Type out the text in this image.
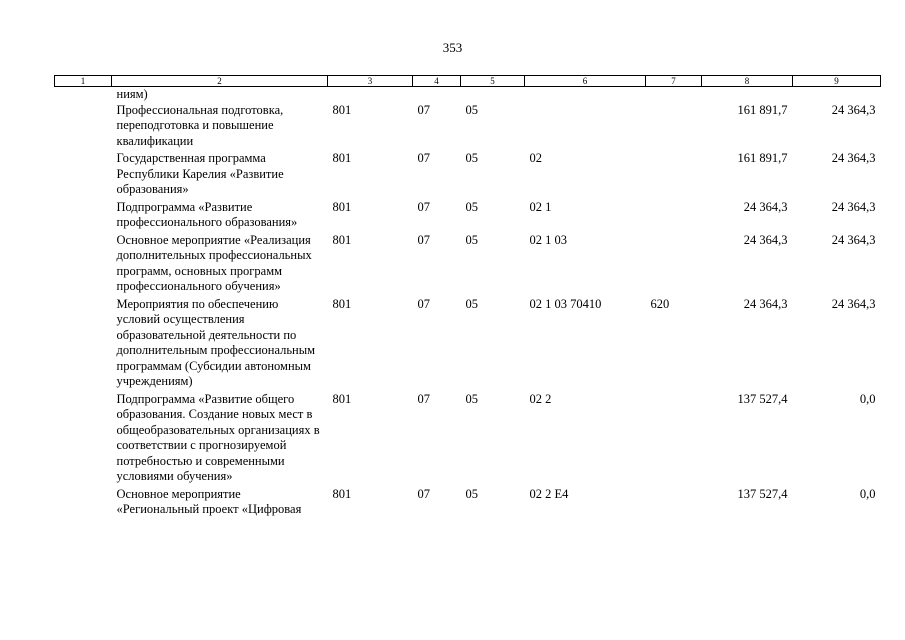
353
1	2	3	4	5	6	7	8	9
	ниям)							
	Профессиональная подготовка, переподготовка и повышение квалификации	801	07	05			161 891,7	24 364,3
	Государственная программа Республики Карелия «Развитие образования»	801	07	05	02		161 891,7	24 364,3
	Подпрограмма «Развитие профессионального образования»	801	07	05	02 1		24 364,3	24 364,3
	Основное мероприятие «Реализация дополнительных профессиональных программ, основных программ профессионального обучения»	801	07	05	02 1 03		24 364,3	24 364,3
	Мероприятия по обеспечению условий осуществления образовательной деятельности по дополнительным профессиональным программам (Субсидии автономным учреждениям)	801	07	05	02 1 03 70410	620	24 364,3	24 364,3
	Подпрограмма «Развитие общего образования. Создание новых мест в общеобразовательных организациях в соответствии с прогнозируемой потребностью и современными условиями обучения»	801	07	05	02 2		137 527,4	0,0
	Основное мероприятие «Региональный проект «Цифровая	801	07	05	02 2 E4		137 527,4	0,0
